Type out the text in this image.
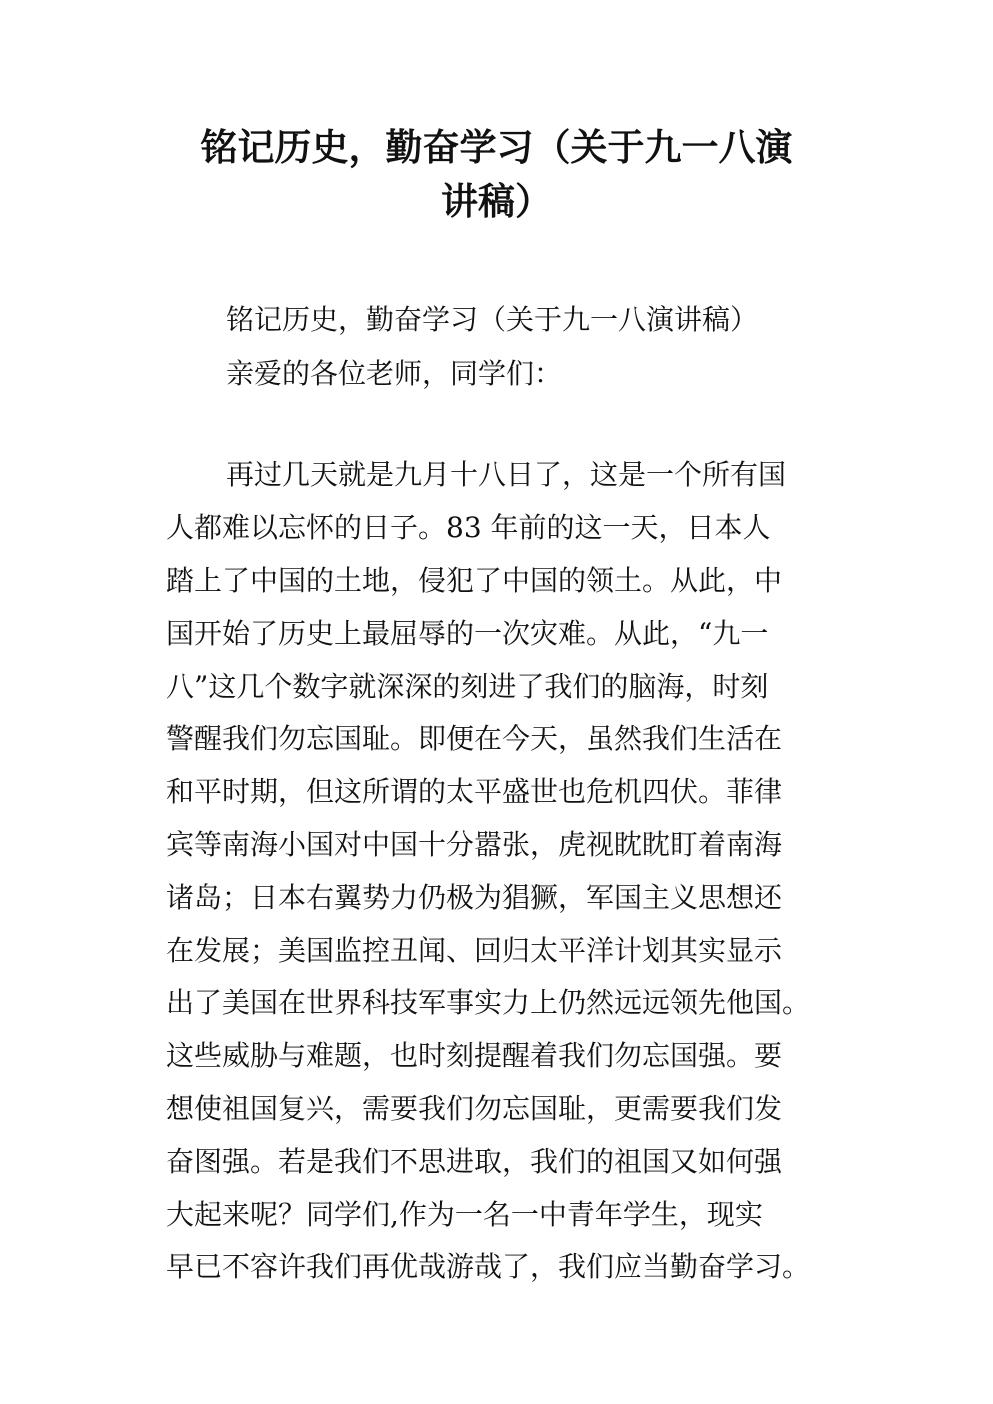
铭记历史，勤奋学习（关于九一八演
讲稿）

铭记历史，勤奋学习（关于九一八演讲稿）

亲爱的各位老师，同学们：

再过几天就是九月十八日了，这是一个所有国

人都难以忘怀的日子。83 年前的这一天，日本人

踏上了中国的土地，侵犯了中国的领土。从此，中

国开始了历史上最屈辱的一次灾难。从此，“九一

八”这几个数字就深深的刻进了我们的脑海，时刻

警醒我们勿忘国耻。即便在今天，虽然我们生活在

和平时期，但这所谓的太平盛世也危机四伏。菲律

宾等南海小国对中国十分嚣张，虎视眈眈盯着南海

诸岛；日本右翼势力仍极为猖獗，军国主义思想还

在发展；美国监控丑闻、回归太平洋计划其实显示

出了美国在世界科技军事实力上仍然远远领先他国。

这些威胁与难题，也时刻提醒着我们勿忘国强。要

想使祖国复兴，需要我们勿忘国耻，更需要我们发

奋图强。若是我们不思进取，我们的祖国又如何强

大起来呢？同学们,作为一名一中青年学生，现实

早已不容许我们再优哉游哉了，我们应当勤奋学习。
